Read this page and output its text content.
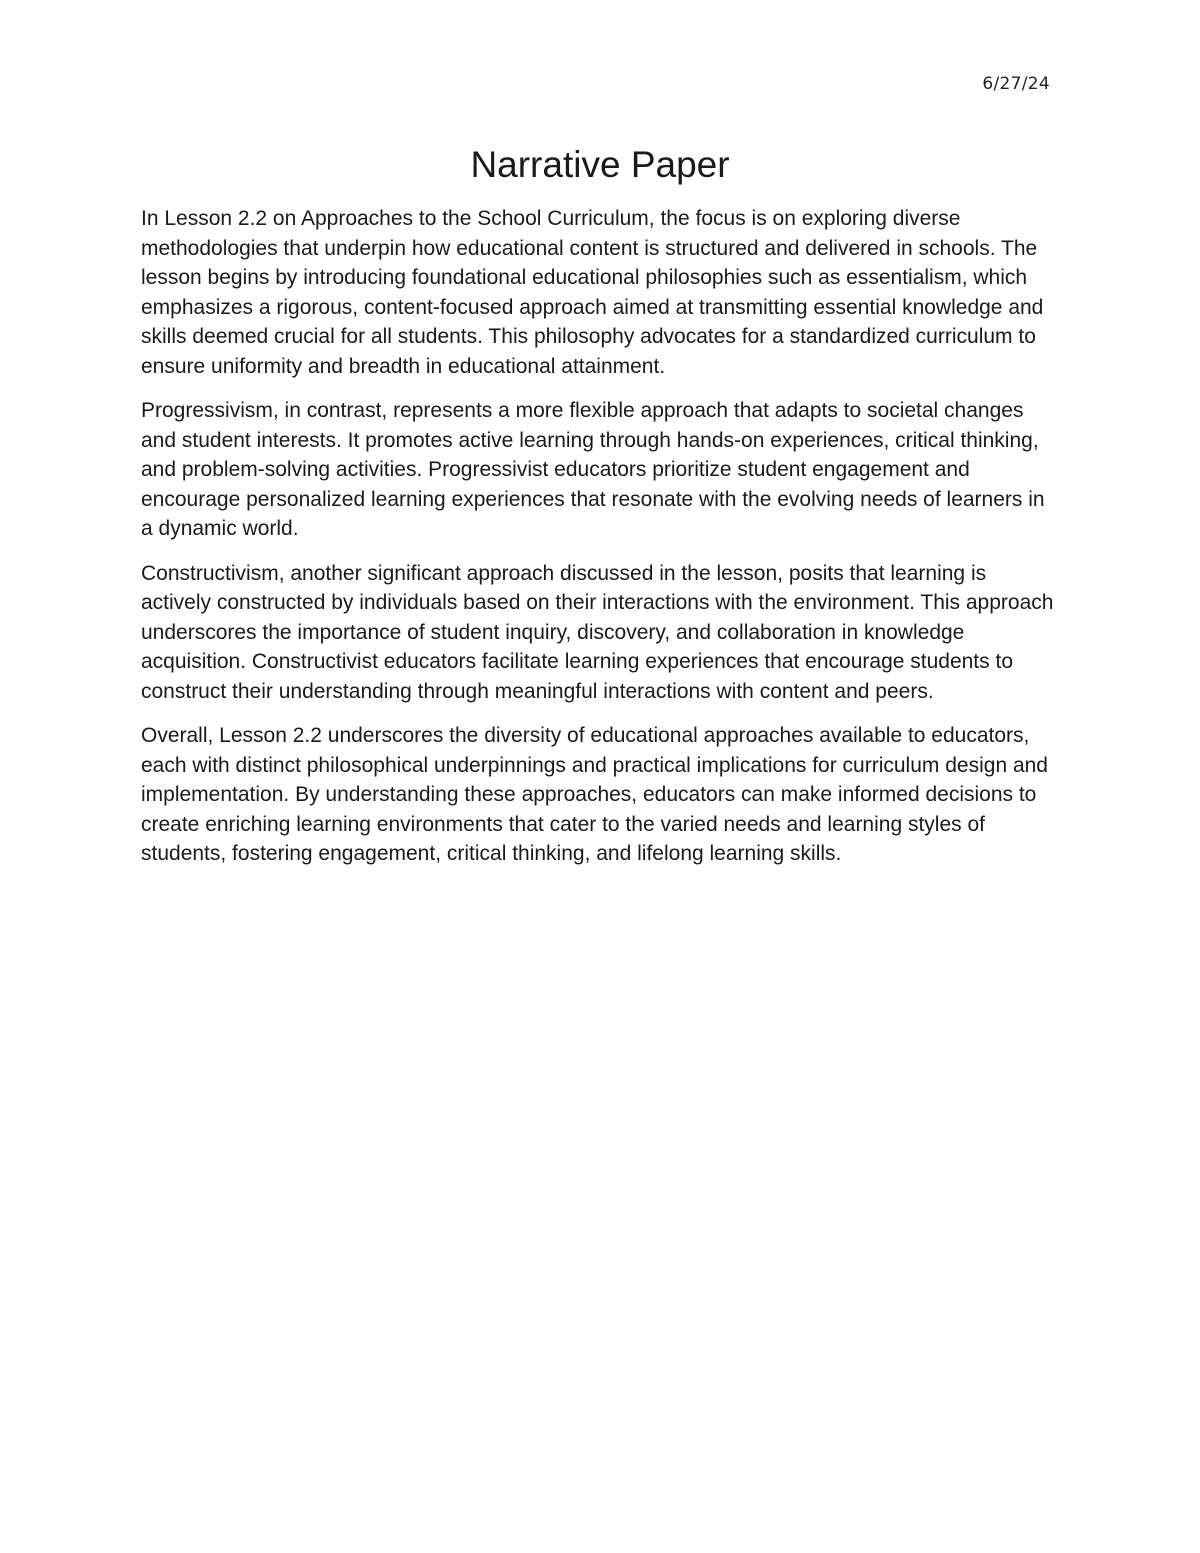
6/27/24
Narrative Paper

In Lesson 2.2 on Approaches to the School Curriculum, the focus is on exploring diverse methodologies that underpin how educational content is structured and delivered in schools. The lesson begins by introducing foundational educational philosophies such as essentialism, which emphasizes a rigorous, content-focused approach aimed at transmitting essential knowledge and skills deemed crucial for all students. This philosophy advocates for a standardized curriculum to ensure uniformity and breadth in educational attainment.

Progressivism, in contrast, represents a more flexible approach that adapts to societal changes and student interests. It promotes active learning through hands-on experiences, critical thinking, and problem-solving activities. Progressivist educators prioritize student engagement and encourage personalized learning experiences that resonate with the evolving needs of learners in a dynamic world.

Constructivism, another significant approach discussed in the lesson, posits that learning is actively constructed by individuals based on their interactions with the environment. This approach underscores the importance of student inquiry, discovery, and collaboration in knowledge acquisition. Constructivist educators facilitate learning experiences that encourage students to construct their understanding through meaningful interactions with content and peers.

Overall, Lesson 2.2 underscores the diversity of educational approaches available to educators, each with distinct philosophical underpinnings and practical implications for curriculum design and implementation. By understanding these approaches, educators can make informed decisions to create enriching learning environments that cater to the varied needs and learning styles of students, fostering engagement, critical thinking, and lifelong learning skills.
